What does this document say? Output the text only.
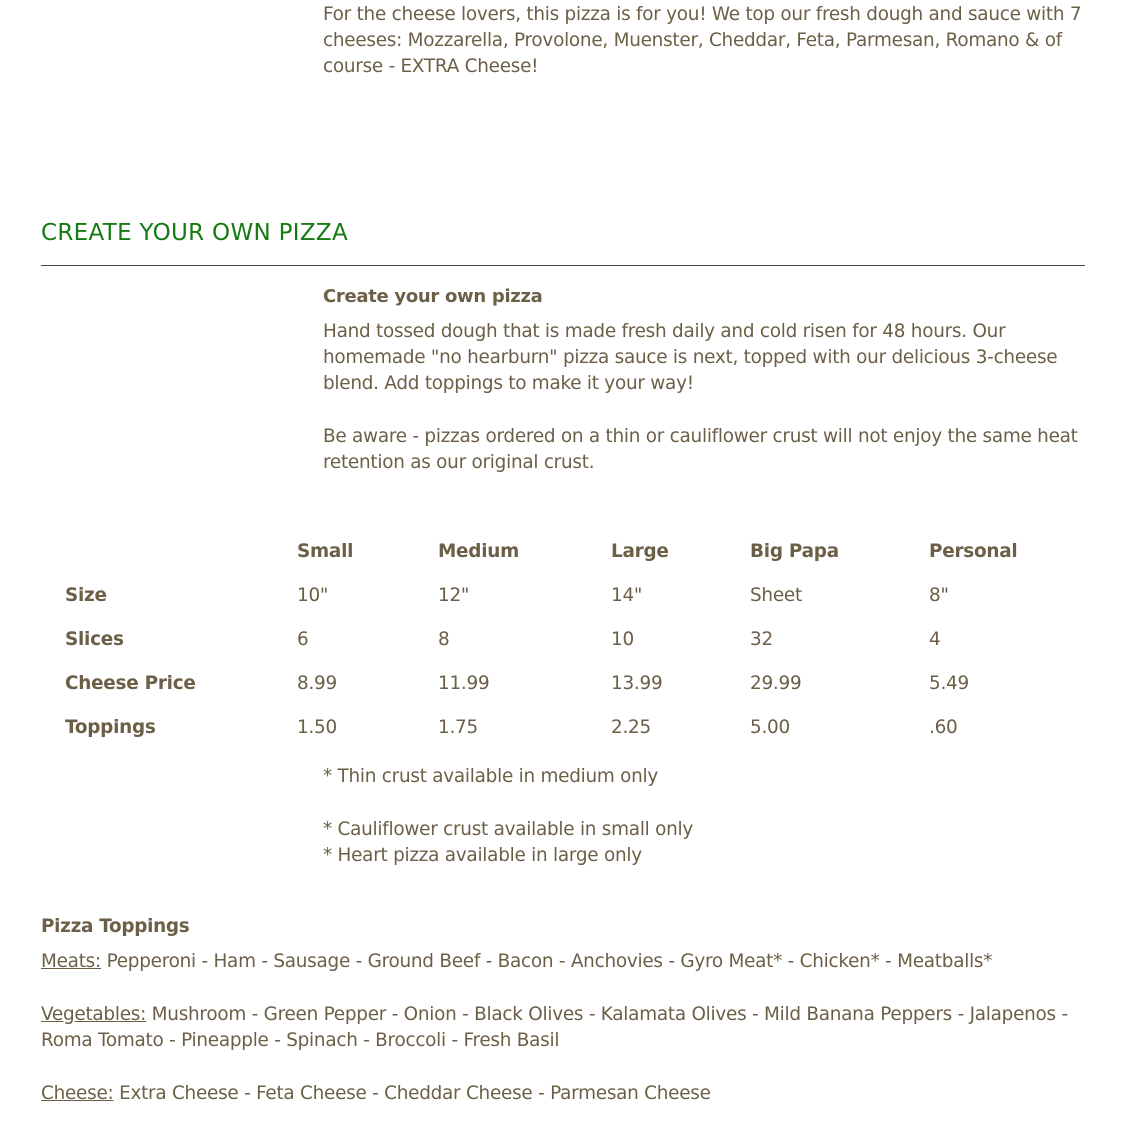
For the cheese lovers, this pizza is for you! We top our fresh dough and sauce with 7 cheeses: Mozzarella, Provolone, Muenster, Cheddar, Feta, Parmesan, Romano & of course - EXTRA Cheese!
CREATE YOUR OWN PIZZA
Create your own pizza
Hand tossed dough that is made fresh daily and cold risen for 48 hours. Our homemade "no hearburn" pizza sauce is next, topped with our delicious 3-cheese blend. Add toppings to make it your way!
Be aware - pizzas ordered on a thin or cauliflower crust will not enjoy the same heat retention as our original crust.
	Small	Medium	Large	Big Papa	Personal
Size	10"	12"	14"	Sheet	8"
Slices	6	8	10	32	4
Cheese Price	8.99	11.99	13.99	29.99	5.49
Toppings	1.50	1.75	2.25	5.00	.60
* Thin crust available in medium only
* Cauliflower crust available in small only
* Heart pizza available in large only
Pizza Toppings
Meats: Pepperoni - Ham - Sausage - Ground Beef - Bacon - Anchovies - Gyro Meat* - Chicken* - Meatballs*
Vegetables: Mushroom - Green Pepper - Onion - Black Olives - Kalamata Olives - Mild Banana Peppers - Jalapenos - Roma Tomato - Pineapple - Spinach - Broccoli - Fresh Basil
Cheese: Extra Cheese - Feta Cheese - Cheddar Cheese - Parmesan Cheese
